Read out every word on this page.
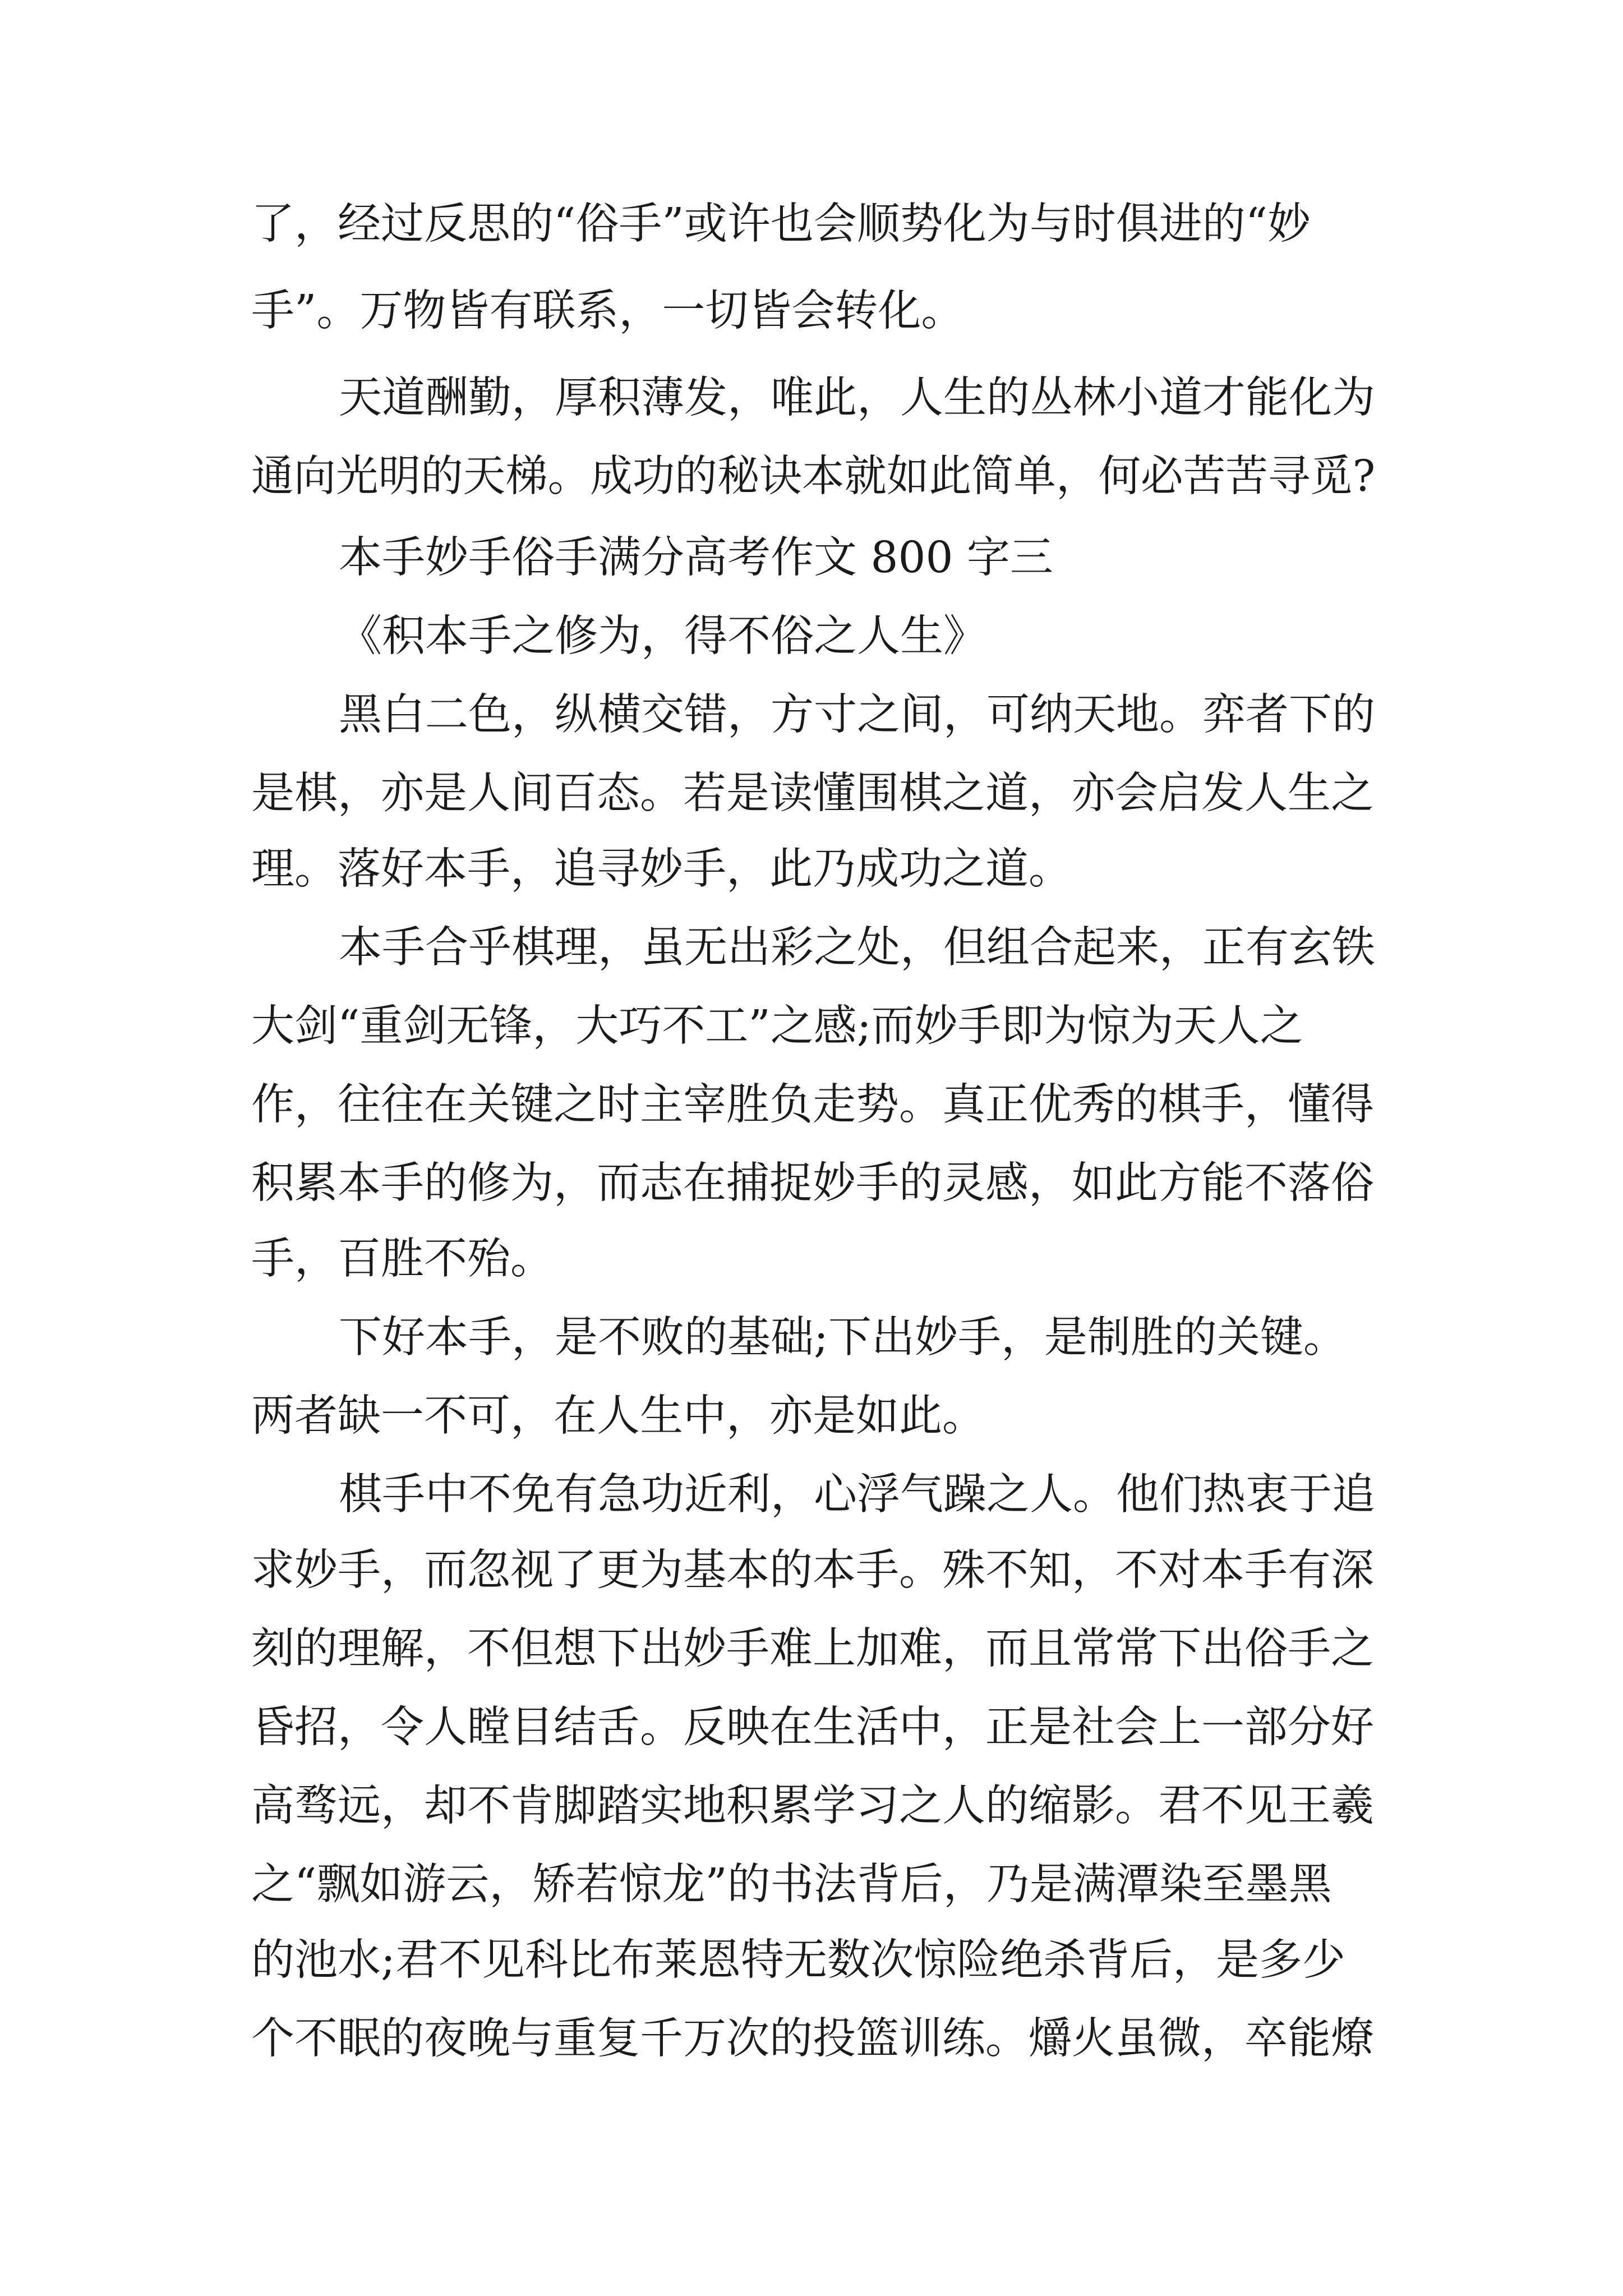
了，经过反思的“俗手”或许也会顺势化为与时俱进的“妙
手”。万物皆有联系，一切皆会转化。
天道酬勤，厚积薄发，唯此，人生的丛林小道才能化为
通向光明的天梯。成功的秘诀本就如此简单，何必苦苦寻觅?
本手妙手俗手满分高考作文 800 字三
《积本手之修为，得不俗之人生》
黑白二色，纵横交错，方寸之间，可纳天地。弈者下的
是棋，亦是人间百态。若是读懂围棋之道，亦会启发人生之
理。落好本手，追寻妙手，此乃成功之道。
本手合乎棋理，虽无出彩之处，但组合起来，正有玄铁
大剑“重剑无锋，大巧不工”之感;而妙手即为惊为天人之
作，往往在关键之时主宰胜负走势。真正优秀的棋手，懂得
积累本手的修为，而志在捕捉妙手的灵感，如此方能不落俗
手，百胜不殆。
下好本手，是不败的基础;下出妙手，是制胜的关键。
两者缺一不可，在人生中，亦是如此。
棋手中不免有急功近利，心浮气躁之人。他们热衷于追
求妙手，而忽视了更为基本的本手。殊不知，不对本手有深
刻的理解，不但想下出妙手难上加难，而且常常下出俗手之
昏招，令人瞠目结舌。反映在生活中，正是社会上一部分好
高骛远，却不肯脚踏实地积累学习之人的缩影。君不见王羲
之“飘如游云，矫若惊龙”的书法背后，乃是满潭染至墨黑
的池水;君不见科比布莱恩特无数次惊险绝杀背后，是多少
个不眠的夜晚与重复千万次的投篮训练。爝火虽微，卒能燎
